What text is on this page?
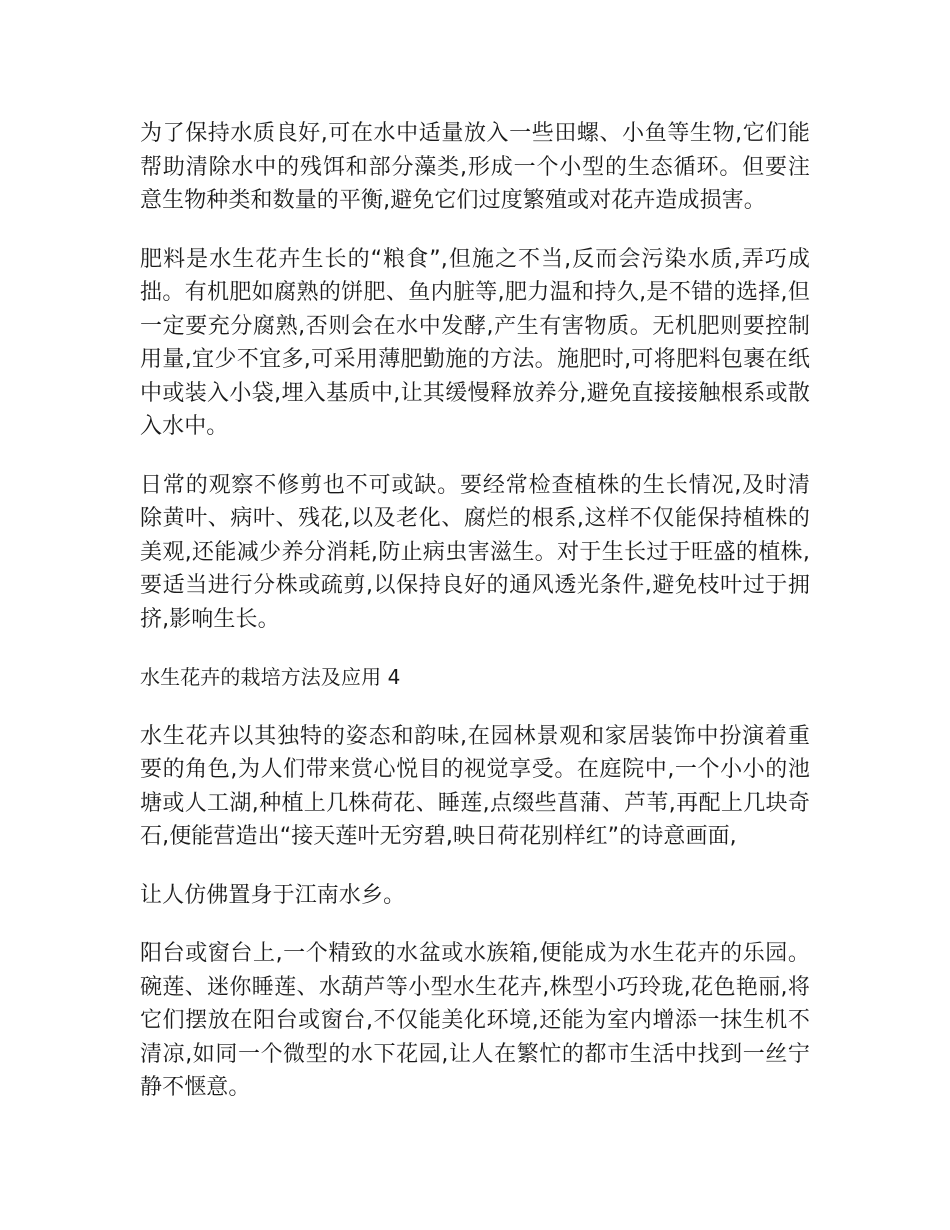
为了保持水质良好,可在水中适量放入一些田螺、小鱼等生物,它们能帮助清除水中的残饵和部分藻类,形成一个小型的生态循环。但要注意生物种类和数量的平衡,避免它们过度繁殖或对花卉造成损害。

肥料是水生花卉生长的“粮食”,但施之不当,反而会污染水质,弄巧成拙。有机肥如腐熟的饼肥、鱼内脏等,肥力温和持久,是不错的选择,但一定要充分腐熟,否则会在水中发酵,产生有害物质。无机肥则要控制用量,宜少不宜多,可采用薄肥勤施的方法。施肥时,可将肥料包裹在纸中或装入小袋,埋入基质中,让其缓慢释放养分,避免直接接触根系或散入水中。

日常的观察不修剪也不可或缺。要经常检查植株的生长情况,及时清除黄叶、病叶、残花,以及老化、腐烂的根系,这样不仅能保持植株的美观,还能减少养分消耗,防止病虫害滋生。对于生长过于旺盛的植株,要适当进行分株或疏剪,以保持良好的通风透光条件,避免枝叶过于拥挤,影响生长。

水生花卉的栽培方法及应用 4

水生花卉以其独特的姿态和韵味,在园林景观和家居装饰中扮演着重要的角色,为人们带来赏心悦目的视觉享受。在庭院中,一个小小的池塘或人工湖,种植上几株荷花、睡莲,点缀些菖蒲、芦苇,再配上几块奇石,便能营造出“接天莲叶无穷碧,映日荷花别样红”的诗意画面,

让人仿佛置身于江南水乡。

阳台或窗台上,一个精致的水盆或水族箱,便能成为水生花卉的乐园。碗莲、迷你睡莲、水葫芦等小型水生花卉,株型小巧玲珑,花色艳丽,将它们摆放在阳台或窗台,不仅能美化环境,还能为室内增添一抹生机不清凉,如同一个微型的水下花园,让人在繁忙的都市生活中找到一丝宁静不惬意。
